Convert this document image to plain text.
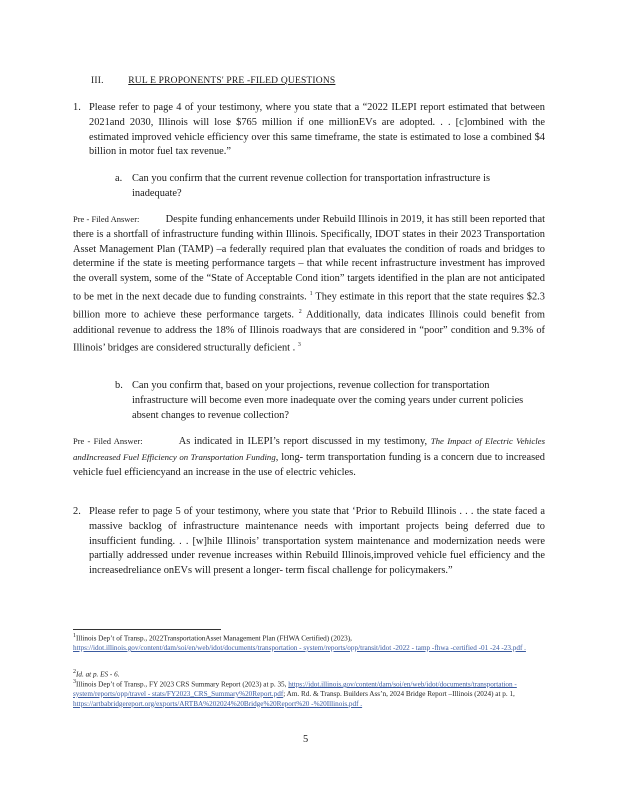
III.	RUL E PROPONENTS' PRE -FILED QUESTIONS
1. Please refer to page 4 of your testimony, where you state that a “2022 ILEPI report estimated that between 2021and 2030, Illinois will lose $765 million if one millionEVs are adopted. . . [c]ombined with the estimated improved vehicle efficiency over this same timeframe, the state is estimated to lose a combined $4 billion in motor fuel tax revenue.”
a. Can you confirm that the current revenue collection for transportation infrastructure is inadequate?
Pre - Filed Answer:	Despite funding enhancements under Rebuild Illinois in 2019, it has still been reported that there is a shortfall of infrastructure funding within Illinois. Specifically, IDOT states in their 2023 Transportation Asset Management Plan (TAMP) –a federally required plan that evaluates the condition of roads and bridges to determine if the state is meeting performance targets – that while recent infrastructure investment has improved the overall system, some of the “State of Acceptable Cond ition” targets identified in the plan are not anticipated to be met in the next decade due to funding constraints. $^1$ They estimate in this report that the state requires $2.3 billion more to achieve these performance targets. $^2$ Additionally, data indicates Illinois could benefit from additional revenue to address the 18% of Illinois roadways that are considered in “poor” condition and 9.3% of Illinois’ bridges are considered structurally deficient . $^3$
b. Can you confirm that, based on your projections, revenue collection for transportation infrastructure will become even more inadequate over the coming years under current policies absent changes to revenue collection?
Pre - Filed Answer:	As indicated in ILEPI’s report discussed in my testimony, The Impact of Electric Vehicles andIncreased Fuel Efficiency on Transportation Funding, long- term transportation funding is a concern due to increased vehicle fuel efficiencyand an increase in the use of electric vehicles.
2. Please refer to page 5 of your testimony, where you state that ‘Prior to Rebuild Illinois . . . the state faced a massive backlog of infrastructure maintenance needs with important projects being deferred due to insufficient funding. . . [w]hile Illinois’ transportation system maintenance and modernization needs were partially addressed under revenue increases within Rebuild Illinois,improved vehicle fuel efficiency and the increasedreliance onEVs will present a longer- term fiscal challenge for policymakers.”
$^1$Illinois Dep’t of Transp., 2022TransportationAsset Management Plan (FHWA Certified) (2023), https://idot.illinois.gov/content/dam/soi/en/web/idot/documents/transportation - system/reports/opp/transit/idot -2022 - tamp -fhwa -certified -01 -24 -23.pdf .
$^2$Id. at p. ES - 6.
$^3$Illinois Dep’t of Transp., FY 2023 CRS Summary Report (2023) at p. 35, https://idot.illinois.gov/content/dam/soi/en/web/idot/documents/transportation - system/reports/opp/travel - stats/FY2023_CRS_Summary%20Report.pdf; Am. Rd. & Transp. Builders Ass’n, 2024 Bridge Report –Illinois (2024) at p. 1, https://artbabridgereport.org/exports/ARTBA%202024%20Bridge%20Report%20 -%20Illinois.pdf .
5
